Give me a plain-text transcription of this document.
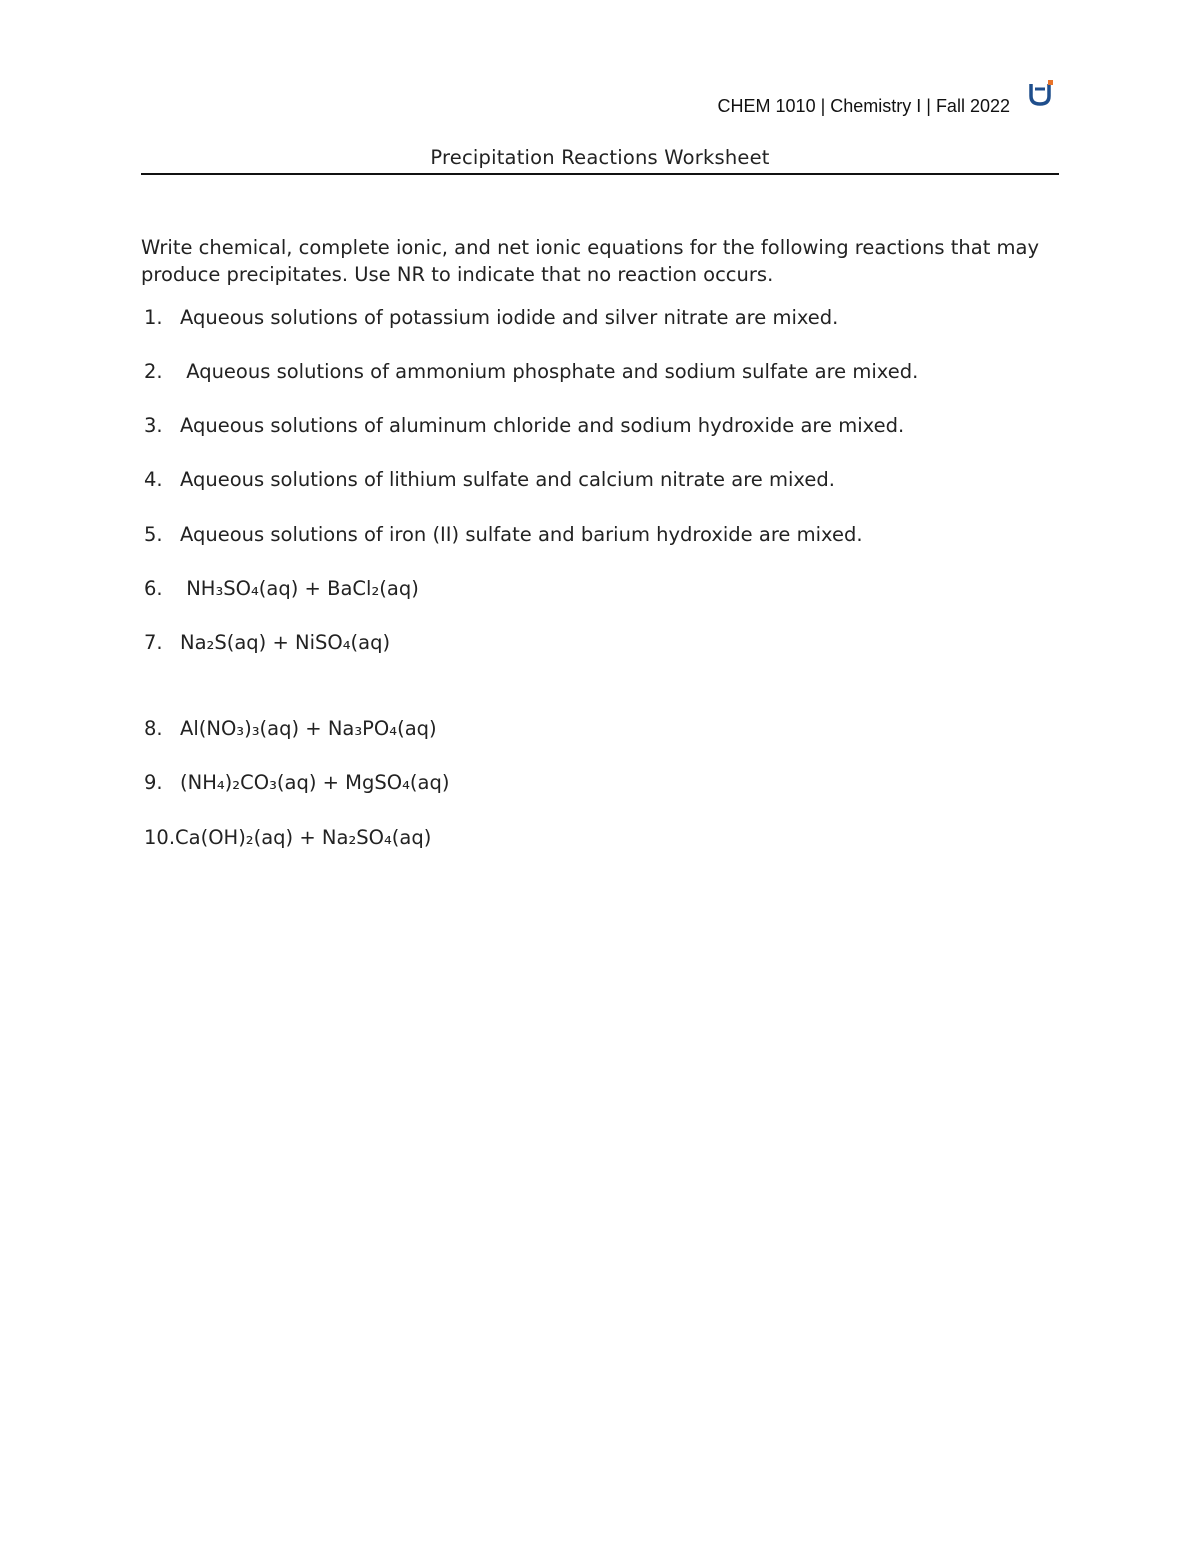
CHEM 1010 | Chemistry I | Fall 2022
Precipitation Reactions Worksheet
Write chemical, complete ionic, and net ionic equations for the following reactions that may produce precipitates. Use NR to indicate that no reaction occurs.
1. Aqueous solutions of potassium iodide and silver nitrate are mixed.
2. Aqueous solutions of ammonium phosphate and sodium sulfate are mixed.
3. Aqueous solutions of aluminum chloride and sodium hydroxide are mixed.
4. Aqueous solutions of lithium sulfate and calcium nitrate are mixed.
5. Aqueous solutions of iron (II) sulfate and barium hydroxide are mixed.
6. NH₃SO₄(aq) + BaCl₂(aq)
7. Na₂S(aq) + NiSO₄(aq)
8. Al(NO₃)₃(aq) + Na₃PO₄(aq)
9. (NH₄)₂CO₃(aq) + MgSO₄(aq)
10.Ca(OH)₂(aq) + Na₂SO₄(aq)
